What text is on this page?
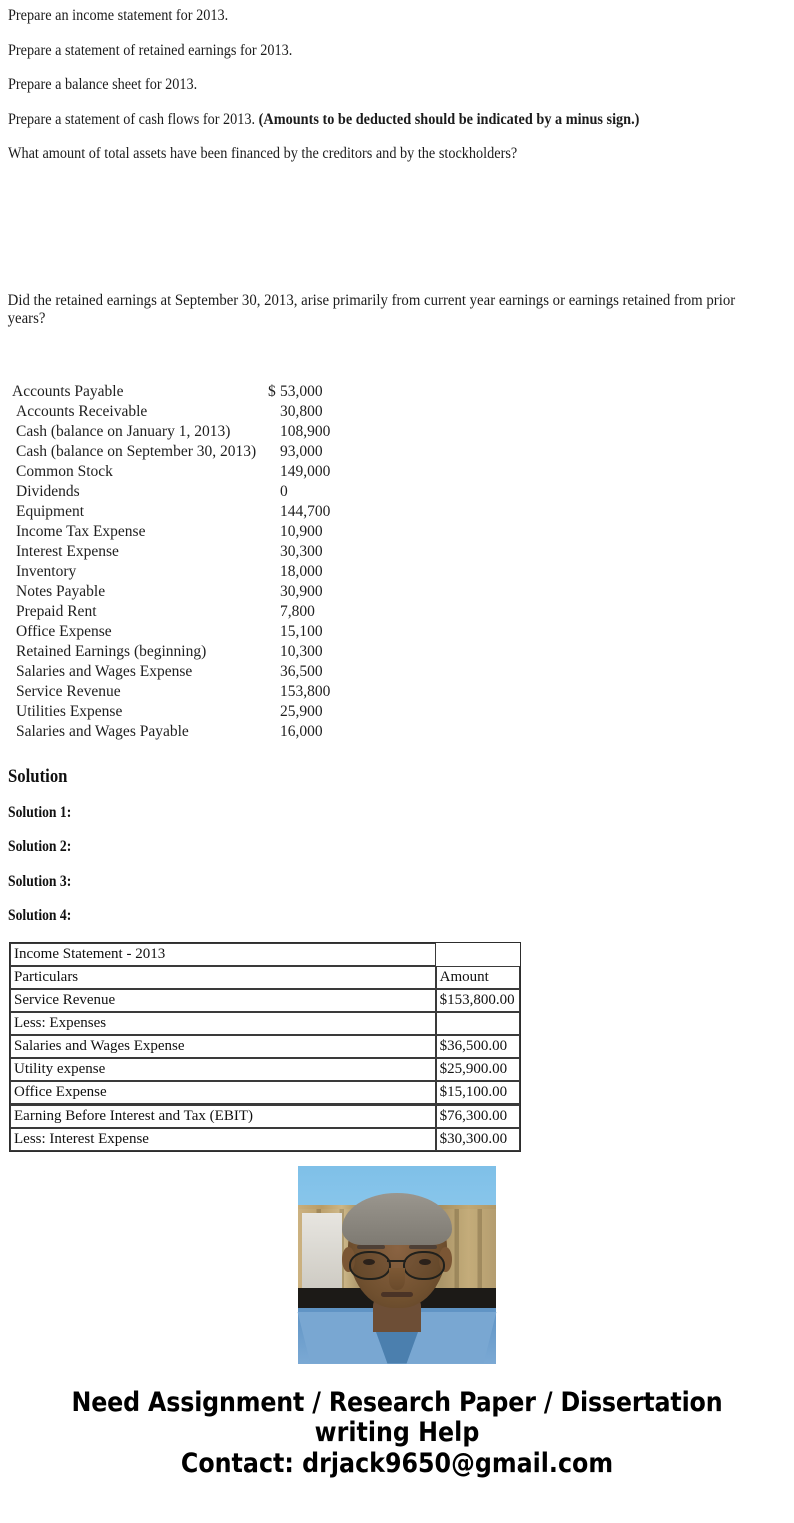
Prepare an income statement for 2013.

Prepare a statement of retained earnings for 2013.

Prepare a balance sheet for 2013.

Prepare a statement of cash flows for 2013. (Amounts to be deducted should be indicated by a minus sign.)

What amount of total assets have been financed by the creditors and by the stockholders?

Did the retained earnings at September 30, 2013, arise primarily from current year earnings or earnings retained from prior years?

Accounts Payable	$ 53,000
Accounts Receivable	30,800
Cash (balance on January 1, 2013)	108,900
Cash (balance on September 30, 2013) 93,000
Common Stock	149,000
Dividends	0
Equipment	144,700
Income Tax Expense	10,900
Interest Expense	30,300
Inventory	18,000
Notes Payable	30,900
Prepaid Rent	7,800
Office Expense	15,100
Retained Earnings (beginning)	10,300
Salaries and Wages Expense	36,500
Service Revenue	153,800
Utilities Expense	25,900
Salaries and Wages Payable	16,000
Solution
Solution 1:
Solution 2:
Solution 3:
Solution 4:
Income Statement - 2013	
Particulars	Amount
Service Revenue	$153,800.00
Less: Expenses	
Salaries and Wages Expense	$36,500.00
Utility expense	$25,900.00
Office Expense	$15,100.00
Earning Before Interest and Tax (EBIT)	$76,300.00
Less: Interest Expense	$30,300.00
Need Assignment / Research Paper / Dissertation
writing Help
Contact: drjack9650@gmail.com
